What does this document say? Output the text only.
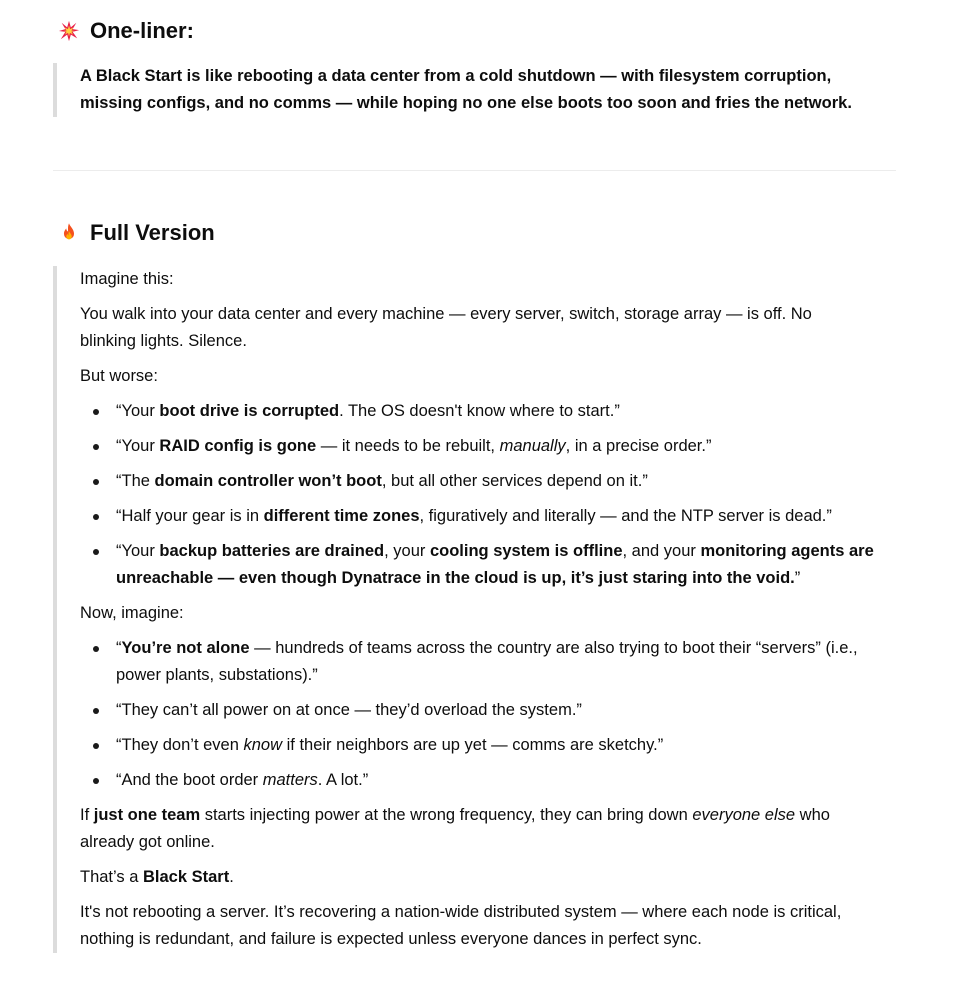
One-liner:

A Black Start is like rebooting a data center from a cold shutdown — with filesystem corruption,

missing configs, and no comms — while hoping no one else boots too soon and fries the network.

Full Version

Imagine this:

You walk into your data center and every machine — every server, switch, storage array — is off. No
blinking lights. Silence.

But worse:

“Your boot drive is corrupted. The OS doesn't know where to start.”
“Your RAID config is gone — it needs to be rebuilt, manually, in a precise order.”
“The domain controller won’t boot, but all other services depend on it.”
“Half your gear is in different time zones, figuratively and literally — and the NTP server is dead.”
“Your backup batteries are drained, your cooling system is offline, and your monitoring agents are
unreachable — even though Dynatrace in the cloud is up, it’s just staring into the void.”

Now, imagine:

“You’re not alone — hundreds of teams across the country are also trying to boot their “servers” (i.e.,
power plants, substations).”
“They can’t all power on at once — they’d overload the system.”
“They don’t even know if their neighbors are up yet — comms are sketchy.”
“And the boot order matters. A lot.”

If just one team starts injecting power at the wrong frequency, they can bring down everyone else who
already got online.

That’s a Black Start.

It's not rebooting a server. It’s recovering a nation-wide distributed system — where each node is critical,
nothing is redundant, and failure is expected unless everyone dances in perfect sync.
